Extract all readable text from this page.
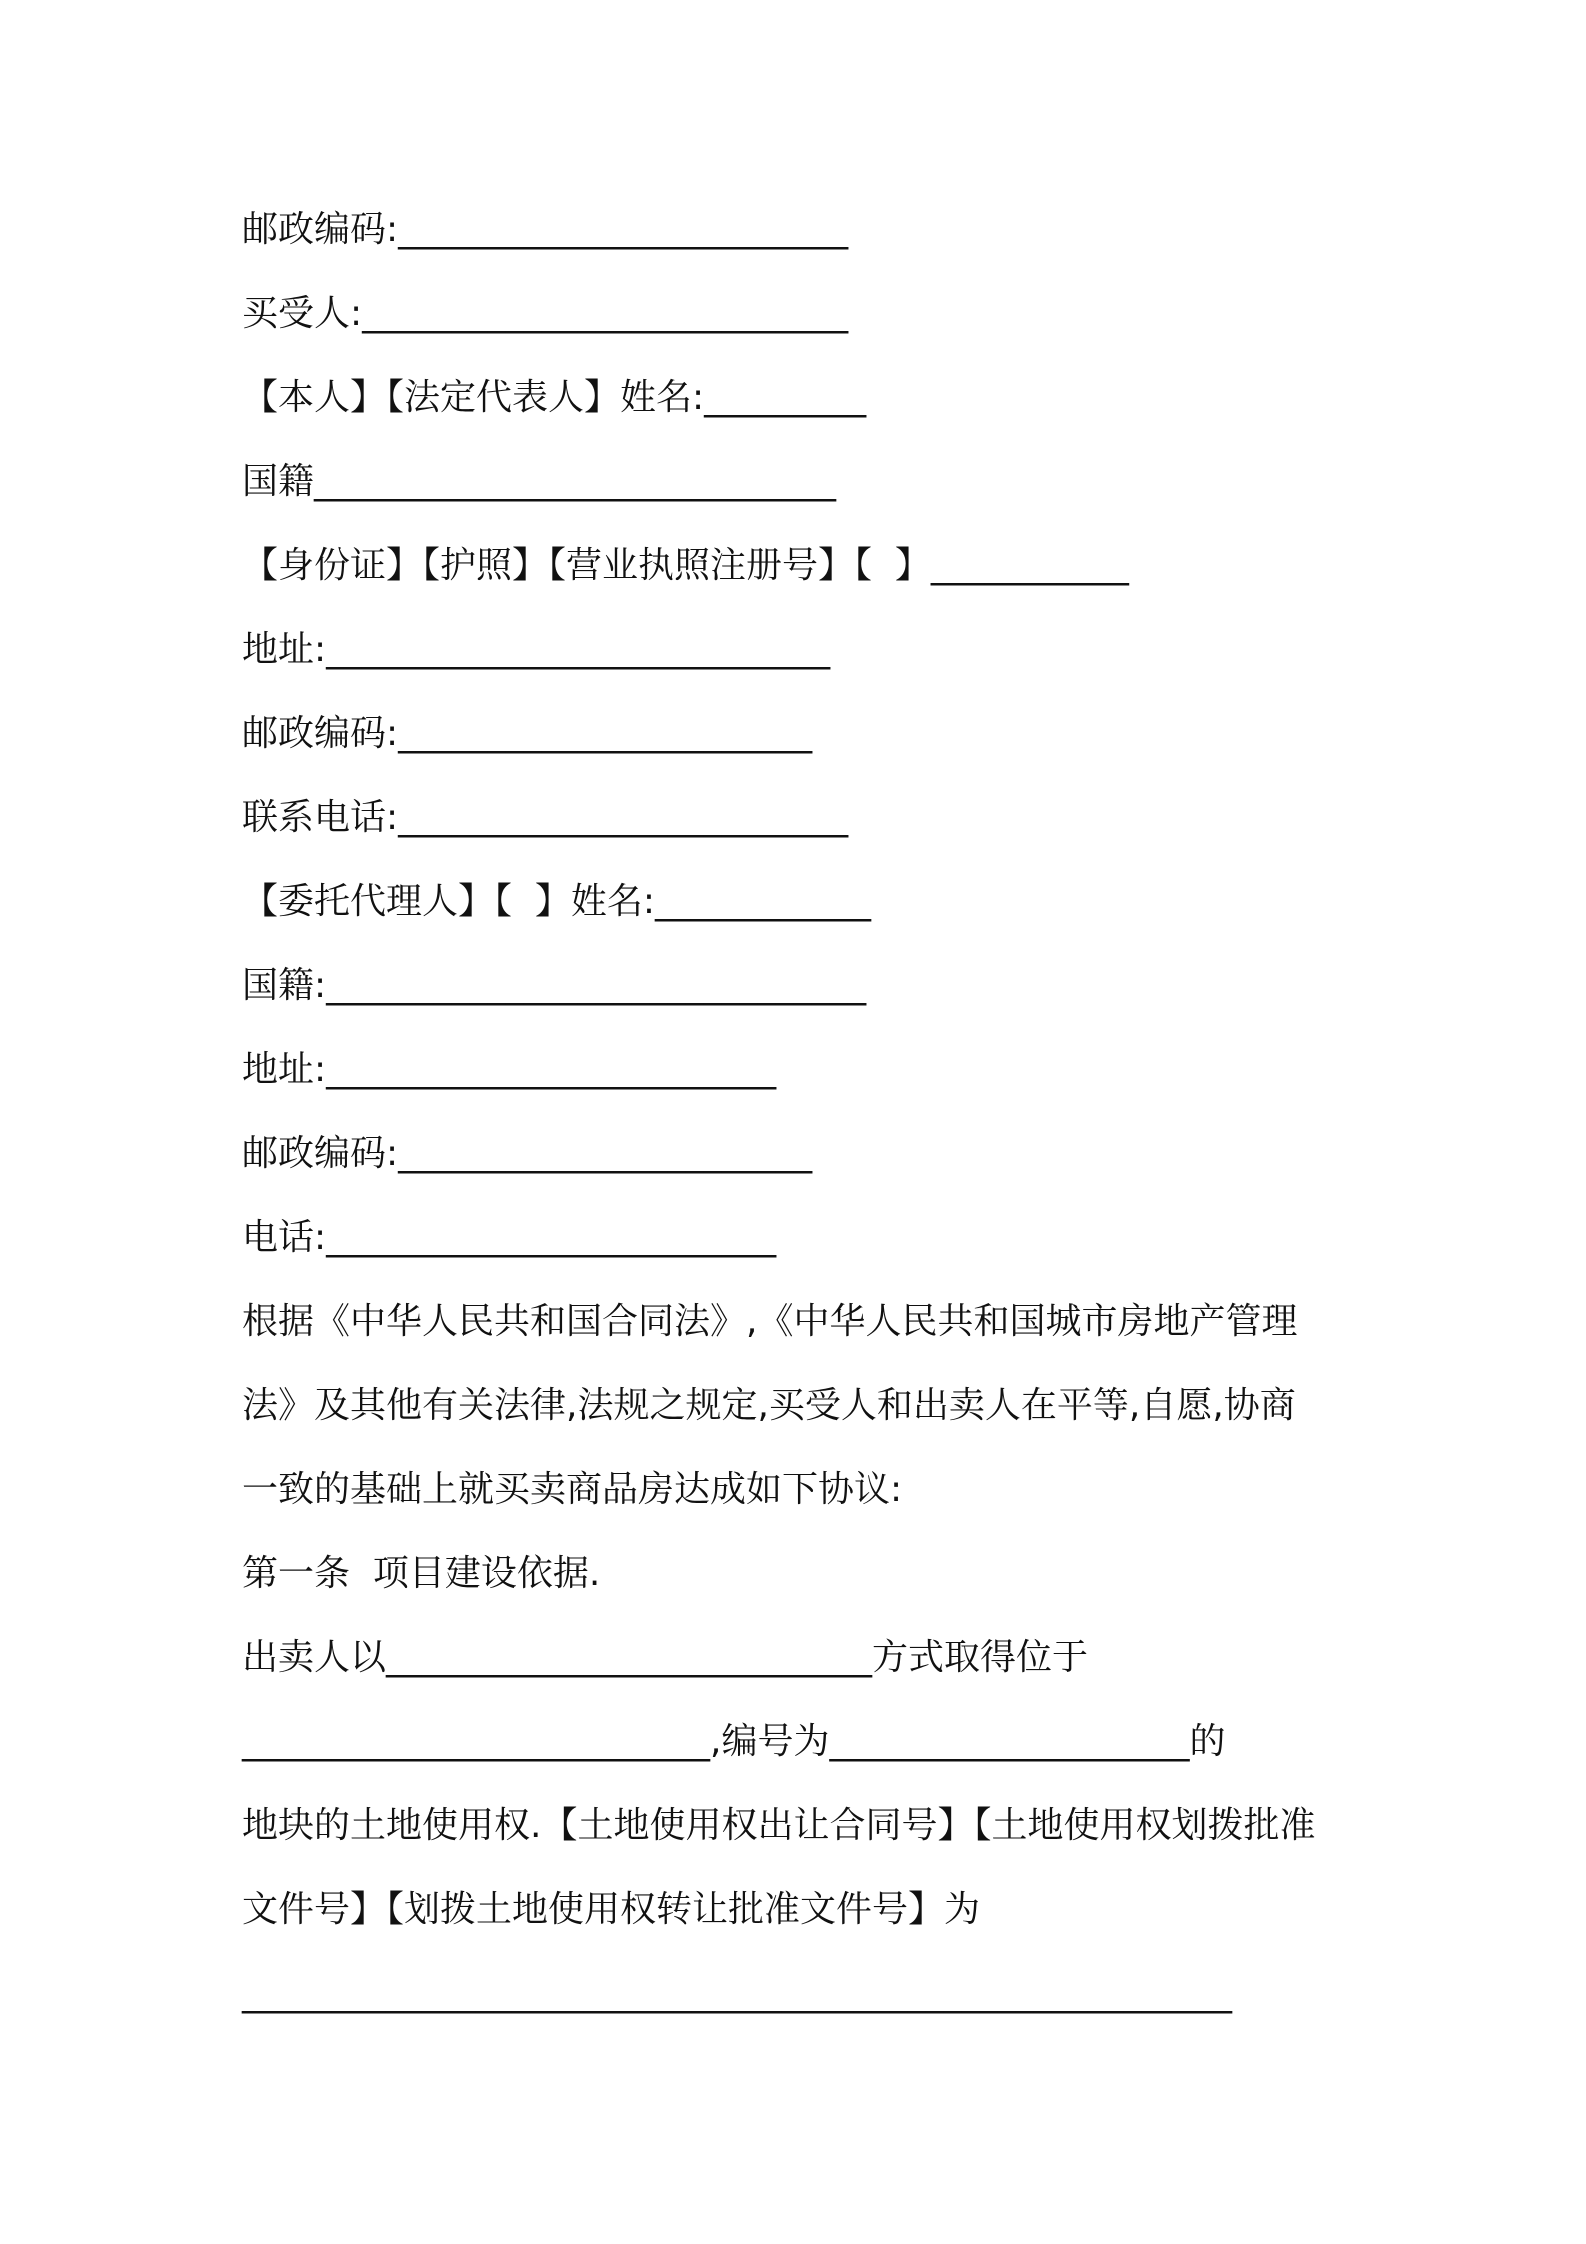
邮政编码:_________________________
买受人:___________________________
【本人】【法定代表人】姓名:_________
国籍_____________________________
【身份证】【护照】【营业执照注册号】【  】___________
地址:____________________________
邮政编码:_______________________
联系电话:_________________________
【委托代理人】【  】姓名:____________
国籍:______________________________
地址:_________________________
邮政编码:_______________________
电话:_________________________
根据《中华人民共和国合同法》,《中华人民共和国城市房地产管理
法》及其他有关法律,法规之规定,买受人和出卖人在平等,自愿,协商
一致的基础上就买卖商品房达成如下协议:
第一条  项目建设依据.
出卖人以___________________________方式取得位于
__________________________,编号为____________________的
地块的土地使用权.【土地使用权出让合同号】【土地使用权划拨批准
文件号】【划拨土地使用权转让批准文件号】为
_______________________________________________________
